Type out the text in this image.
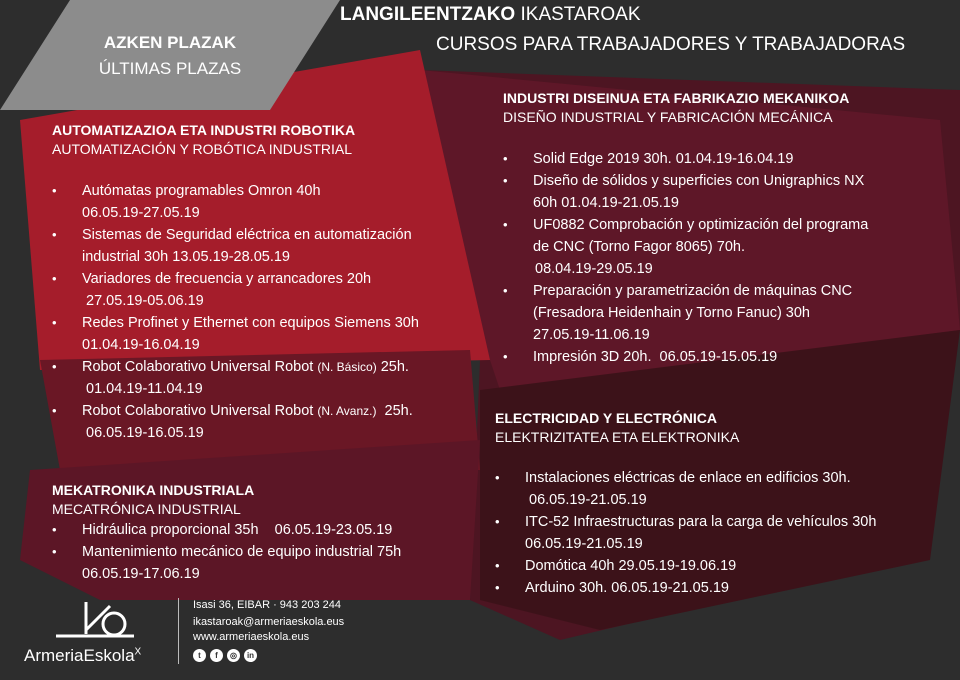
LANGILEENTZAKO IKASTAROAK
CURSOS PARA TRABAJADORES Y TRABAJADORAS
AZKEN PLAZAK
ÚLTIMAS PLAZAS
AUTOMATIZAZIOA ETA INDUSTRI ROBOTIKA
AUTOMATIZACIÓN Y ROBÓTICA INDUSTRIAL
• Autómatas programables Omron 40h
06.05.19-27.05.19
• Sistemas de Seguridad eléctrica en automatización
industrial 30h 13.05.19-28.05.19
• Variadores de frecuencia y arrancadores 20h
27.05.19-05.06.19
• Redes Profinet y Ethernet con equipos Siemens 30h
01.04.19-16.04.19
• Robot Colaborativo Universal Robot (N. Básico) 25h.
01.04.19-11.04.19
• Robot Colaborativo Universal Robot (N. Avanz.)  25h.
06.05.19-16.05.19
MEKATRONIKA INDUSTRIALA
MECATRÓNICA INDUSTRIAL
• Hidráulica proporcional 35h    06.05.19-23.05.19
• Mantenimiento mecánico de equipo industrial 75h
06.05.19-17.06.19
INDUSTRI DISEINUA ETA FABRIKAZIO MEKANIKOA
DISEÑO INDUSTRIAL Y FABRICACIÓN MECÁNICA
• Solid Edge 2019 30h. 01.04.19-16.04.19
• Diseño de sólidos y superficies con Unigraphics NX
60h 01.04.19-21.05.19
• UF0882 Comprobación y optimización del programa
de CNC (Torno Fagor 8065) 70h.
08.04.19-29.05.19
• Preparación y parametrización de máquinas CNC
(Fresadora Heidenhain y Torno Fanuc) 30h
27.05.19-11.06.19
• Impresión 3D 20h.  06.05.19-15.05.19
ELECTRICIDAD Y ELECTRÓNICA
ELEKTRIZITATEA ETA ELEKTRONIKA
• Instalaciones eléctricas de enlace en edificios 30h.
06.05.19-21.05.19
• ITC-52 Infraestructuras para la carga de vehículos 30h
06.05.19-21.05.19
• Domótica 40h 29.05.19-19.06.19
• Arduino 30h. 06.05.19-21.05.19
ArmeriaEskola$^X$
Isasi 36, EIBAR · 943 203 244
ikastaroak@armeriaeskola.eus
www.armeriaeskola.eus
t	f	◎	in
